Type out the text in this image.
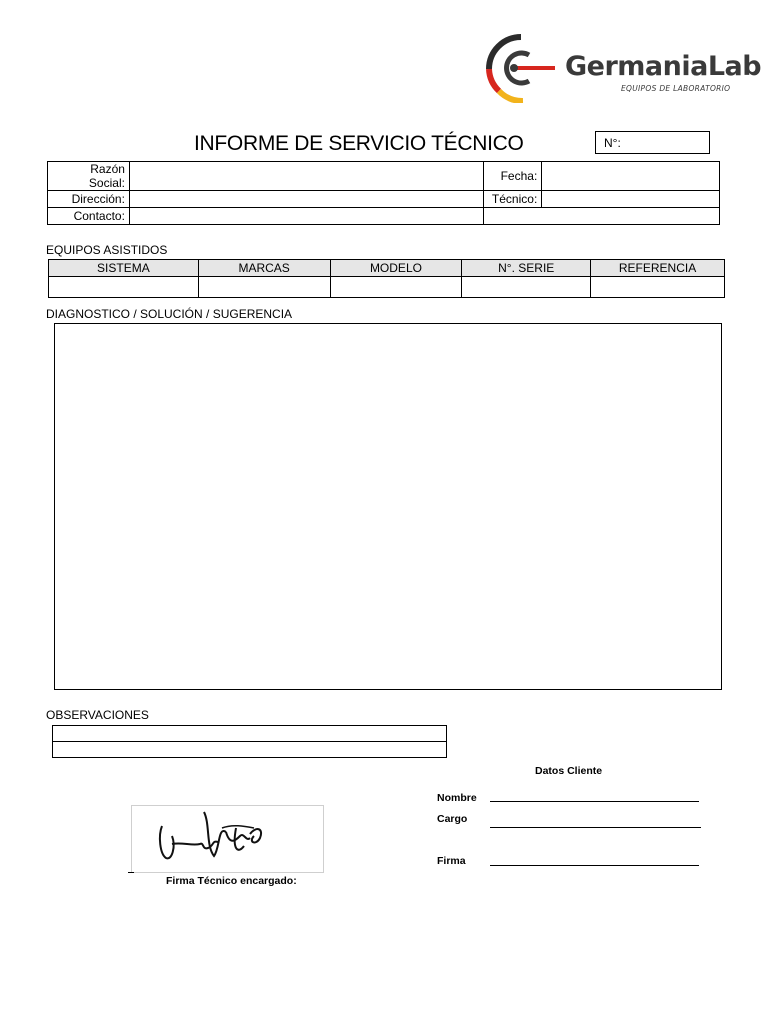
GermaniaLab
EQUIPOS DE LABORATORIO
INFORME DE SERVICIO TÉCNICO	N°:
Razón Social:		Fecha:	
Dirección:		Técnico:	
Contacto:			
EQUIPOS ASISTIDOS
SISTEMA	MARCAS	MODELO	N°. SERIE	REFERENCIA

DIAGNOSTICO / SOLUCIÓN / SUGERENCIA
OBSERVACIONES

Datos Cliente
Nombre
Cargo
Firma
Firma Técnico encargado:
